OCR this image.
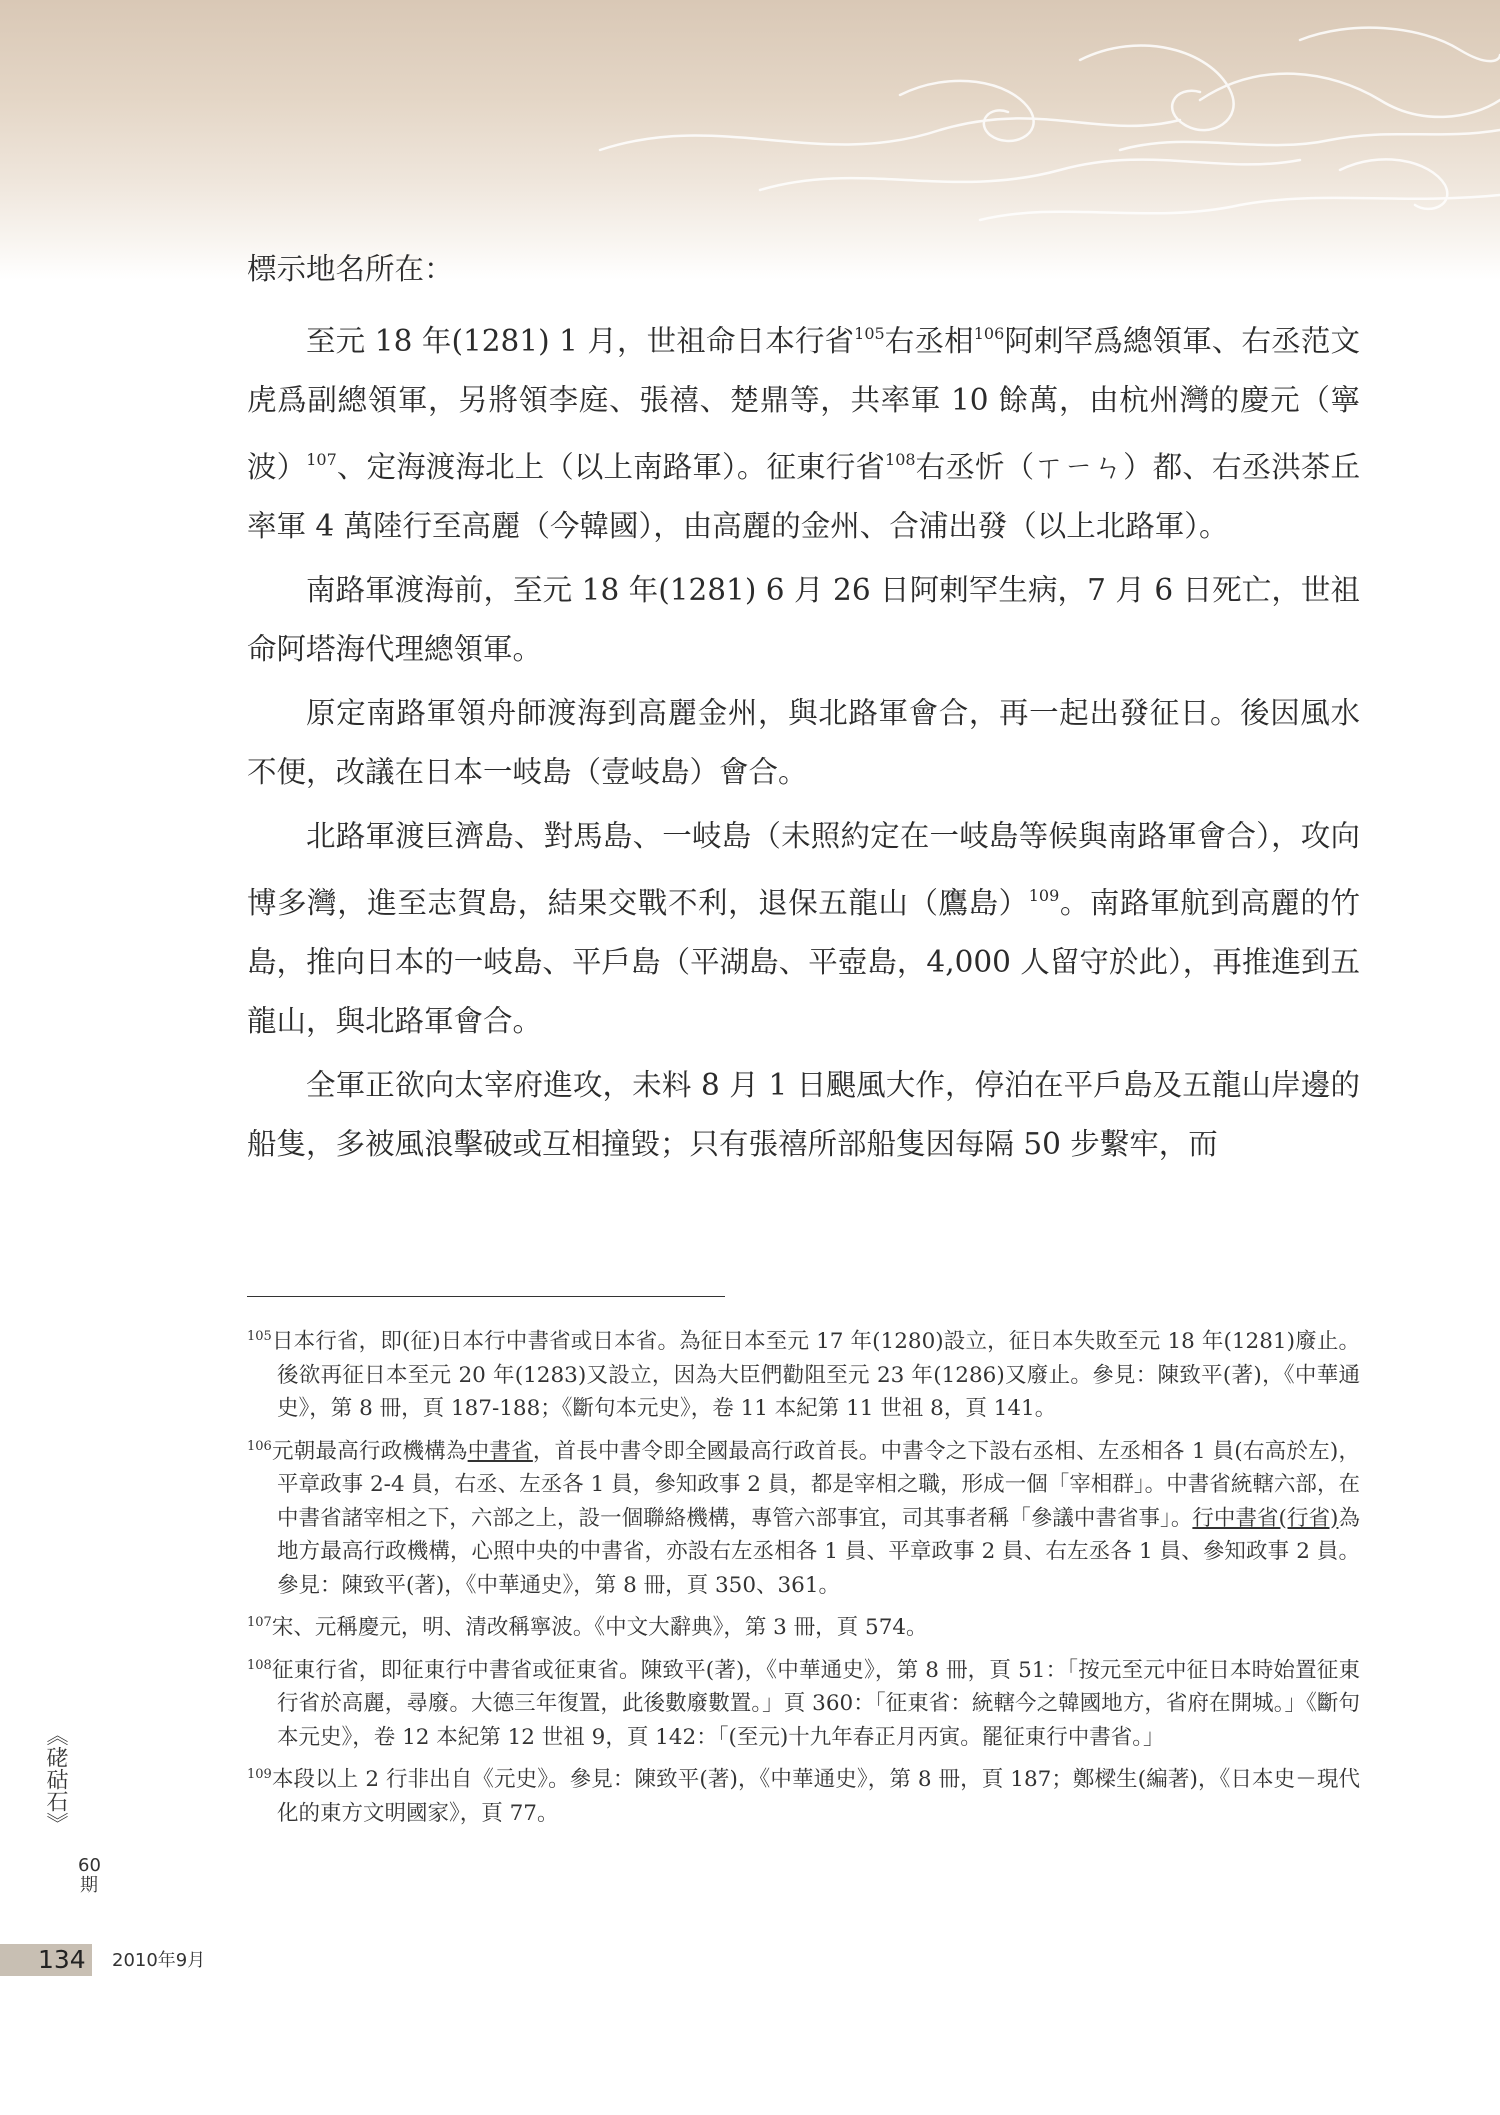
標示地名所在：

至元 18 年(1281) 1 月，世祖命日本行省$^{105}$右丞相$^{106}$阿剌罕爲總領軍、右丞范文虎爲副總領軍，另將領李庭、張禧、楚鼎等，共率軍 10 餘萬，由杭州灣的慶元（寧波）$^{107}$、定海渡海北上（以上南路軍）。征東行省$^{108}$右丞忻（ㄒㄧㄣ）都、右丞洪茶丘率軍 4 萬陸行至高麗（今韓國），由高麗的金州、合浦出發（以上北路軍）。

南路軍渡海前，至元 18 年(1281) 6 月 26 日阿剌罕生病，7 月 6 日死亡，世祖命阿塔海代理總領軍。

原定南路軍領舟師渡海到高麗金州，與北路軍會合，再一起出發征日。後因風水不便，改議在日本一岐島（壹岐島）會合。

北路軍渡巨濟島、對馬島、一岐島（未照約定在一岐島等候與南路軍會合），攻向博多灣，進至志賀島，結果交戰不利，退保五龍山（鷹島）$^{109}$。南路軍航到高麗的竹島，推向日本的一岐島、平戶島（平湖島、平壺島，4,000 人留守於此），再推進到五龍山，與北路軍會合。

全軍正欲向太宰府進攻，未料 8 月 1 日颶風大作，停泊在平戶島及五龍山岸邊的船隻，多被風浪擊破或互相撞毀；只有張禧所部船隻因每隔 50 步繫牢，而

$^{105}$日本行省，即(征)日本行中書省或日本省。為征日本至元 17 年(1280)設立，征日本失敗至元 18 年(1281)廢止。後欲再征日本至元 20 年(1283)又設立，因為大臣們勸阻至元 23 年(1286)又廢止。參見：陳致平(著)，《中華通史》，第 8 冊，頁 187-188；《斷句本元史》，卷 11 本紀第 11 世祖 8，頁 141。
$^{106}$元朝最高行政機構為中書省，首長中書令即全國最高行政首長。中書令之下設右丞相、左丞相各 1 員(右高於左)，平章政事 2-4 員，右丞、左丞各 1 員，參知政事 2 員，都是宰相之職，形成一個「宰相群」。中書省統轄六部，在中書省諸宰相之下，六部之上，設一個聯絡機構，專管六部事宜，司其事者稱「參議中書省事」。行中書省(行省)為地方最高行政機構，心照中央的中書省，亦設右左丞相各 1 員、平章政事 2 員、右左丞各 1 員、參知政事 2 員。參見：陳致平(著)，《中華通史》，第 8 冊，頁 350、361。
$^{107}$宋、元稱慶元，明、清改稱寧波。《中文大辭典》，第 3 冊，頁 574。
$^{108}$征東行省，即征東行中書省或征東省。陳致平(著)，《中華通史》，第 8 冊，頁 51：「按元至元中征日本時始置征東行省於高麗，尋廢。大德三年復置，此後數廢數置。」頁 360：「征東省：統轄今之韓國地方，省府在開城。」《斷句本元史》，卷 12 本紀第 12 世祖 9，頁 142：「(至元)十九年春正月丙寅。罷征東行中書省。」
$^{109}$本段以上 2 行非出自《元史》。參見：陳致平(著)，《中華通史》，第 8 冊，頁 187；鄭樑生(編著)，《日本史－現代化的東方文明國家》，頁 77。
《硓𥑮石》
60
期
134 2010年9月
